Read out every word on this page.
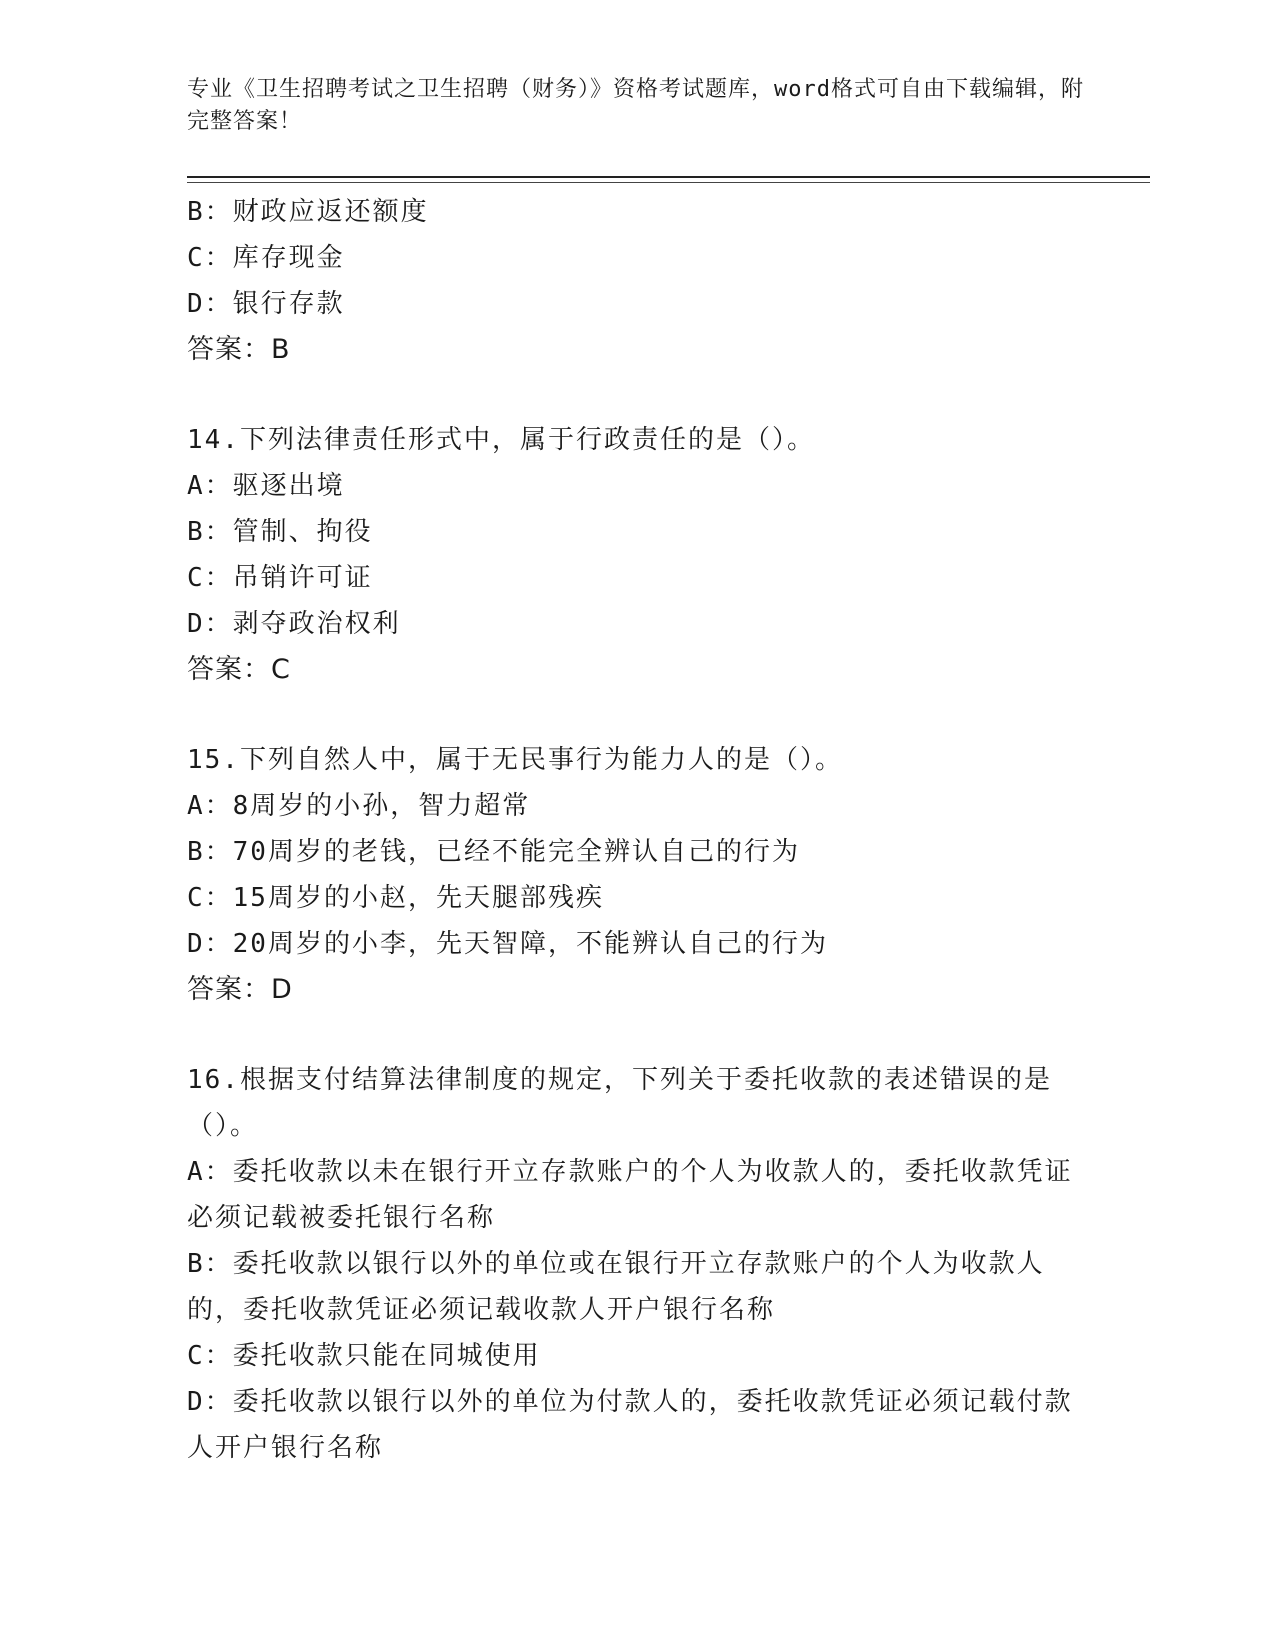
专业《卫生招聘考试之卫生招聘（财务）》资格考试题库，word格式可自由下载编辑，附完整答案！
B：财政应返还额度
C：库存现金
D：银行存款
答案：B
14.下列法律责任形式中，属于行政责任的是（）。
A：驱逐出境
B：管制、拘役
C：吊销许可证
D：剥夺政治权利
答案：C
15.下列自然人中，属于无民事行为能力人的是（）。
A：8周岁的小孙，智力超常
B：70周岁的老钱，已经不能完全辨认自己的行为
C：15周岁的小赵，先天腿部残疾
D：20周岁的小李，先天智障，不能辨认自己的行为
答案：D
16.根据支付结算法律制度的规定，下列关于委托收款的表述错误的是（）。
A：委托收款以未在银行开立存款账户的个人为收款人的，委托收款凭证必须记载被委托银行名称
B：委托收款以银行以外的单位或在银行开立存款账户的个人为收款人的，委托收款凭证必须记载收款人开户银行名称
C：委托收款只能在同城使用
D：委托收款以银行以外的单位为付款人的，委托收款凭证必须记载付款人开户银行名称
